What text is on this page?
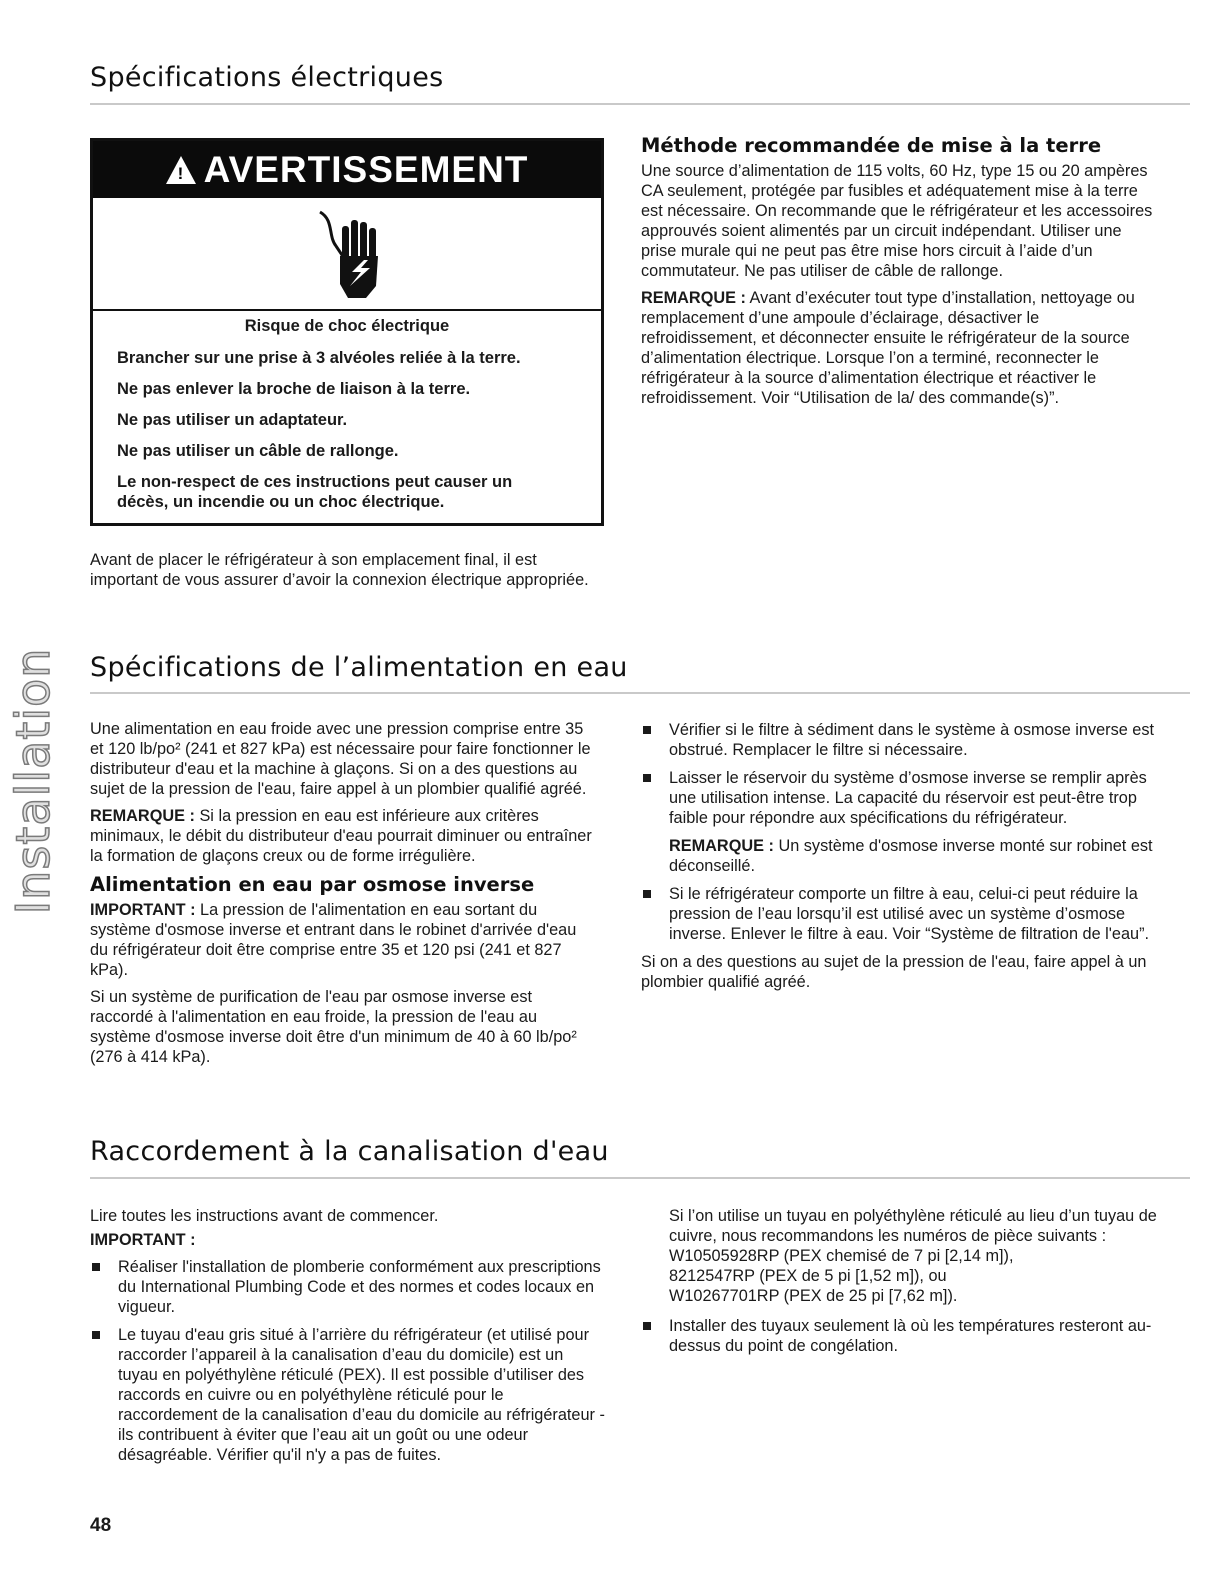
Spécifications électriques
! AVERTISSEMENT

Risque de choc électrique

Brancher sur une prise à 3 alvéoles reliée à la terre.

Ne pas enlever la broche de liaison à la terre.

Ne pas utiliser un adaptateur.

Ne pas utiliser un câble de rallonge.

Le non-respect de ces instructions peut causer un décès, un incendie ou un choc électrique.

Avant de placer le réfrigérateur à son emplacement final, il est important de vous assurer d’avoir la connexion électrique appropriée.

Méthode recommandée de mise à la terre

Une source d’alimentation de 115 volts, 60 Hz, type 15 ou 20 ampères CA seulement, protégée par fusibles et adéquatement mise à la terre est nécessaire. On recommande que le réfrigérateur et les accessoires approuvés soient alimentés par un circuit indépendant. Utiliser une prise murale qui ne peut pas être mise hors circuit à l’aide d’un commutateur. Ne pas utiliser de câble de rallonge.

REMARQUE : Avant d’exécuter tout type d’installation, nettoyage ou remplacement d’une ampoule d’éclairage, désactiver le refroidissement, et déconnecter ensuite le réfrigérateur de la source d’alimentation électrique. Lorsque l’on a terminé, reconnecter le réfrigérateur à la source d’alimentation électrique et réactiver le refroidissement. Voir “Utilisation de la/ des commande(s)”.

Installation Spécifications de l’alimentation en eau

Une alimentation en eau froide avec une pression comprise entre 35 et 120 lb/po² (241 et 827 kPa) est nécessaire pour faire fonctionner le distributeur d'eau et la machine à glaçons. Si on a des questions au sujet de la pression de l'eau, faire appel à un plombier qualifié agréé.

REMARQUE : Si la pression en eau est inférieure aux critères minimaux, le débit du distributeur d'eau pourrait diminuer ou entraîner la formation de glaçons creux ou de forme irrégulière.

Alimentation en eau par osmose inverse

IMPORTANT : La pression de l'alimentation en eau sortant du système d'osmose inverse et entrant dans le robinet d'arrivée d'eau du réfrigérateur doit être comprise entre 35 et 120 psi (241 et 827 kPa).

Si un système de purification de l'eau par osmose inverse est raccordé à l'alimentation en eau froide, la pression de l'eau au système d'osmose inverse doit être d'un minimum de 40 à 60 lb/po² (276 à 414 kPa).

Vérifier si le filtre à sédiment dans le système à osmose inverse est obstrué. Remplacer le filtre si nécessaire.
Laisser le réservoir du système d’osmose inverse se remplir après une utilisation intense. La capacité du réservoir est peut-être trop faible pour répondre aux spécifications du réfrigérateur.
REMARQUE : Un système d'osmose inverse monté sur robinet est déconseillé.
Si le réfrigérateur comporte un filtre à eau, celui-ci peut réduire la pression de l’eau lorsqu’il est utilisé avec un système d’osmose inverse. Enlever le filtre à eau. Voir “Système de filtration de l'eau”.

Si on a des questions au sujet de la pression de l'eau, faire appel à un plombier qualifié agréé.

Raccordement à la canalisation d'eau

Lire toutes les instructions avant de commencer.

IMPORTANT :

Réaliser l'installation de plomberie conformément aux prescriptions du International Plumbing Code et des normes et codes locaux en vigueur.
Le tuyau d'eau gris situé à l’arrière du réfrigérateur (et utilisé pour raccorder l’appareil à la canalisation d’eau du domicile) est un tuyau en polyéthylène réticulé (PEX). Il est possible d’utiliser des raccords en cuivre ou en polyéthylène réticulé pour le raccordement de la canalisation d’eau du domicile au réfrigérateur - ils contribuent à éviter que l’eau ait un goût ou une odeur désagréable. Vérifier qu'il n'y a pas de fuites.
Si l’on utilise un tuyau en polyéthylène réticulé au lieu d’un tuyau de cuivre, nous recommandons les numéros de pièce suivants :
W10505928RP (PEX chemisé de 7 pi [2,14 m]),
8212547RP (PEX de 5 pi [1,52 m]), ou
W10267701RP (PEX de 25 pi [7,62 m]).
Installer des tuyaux seulement là où les températures resteront au-dessus du point de congélation.
48
